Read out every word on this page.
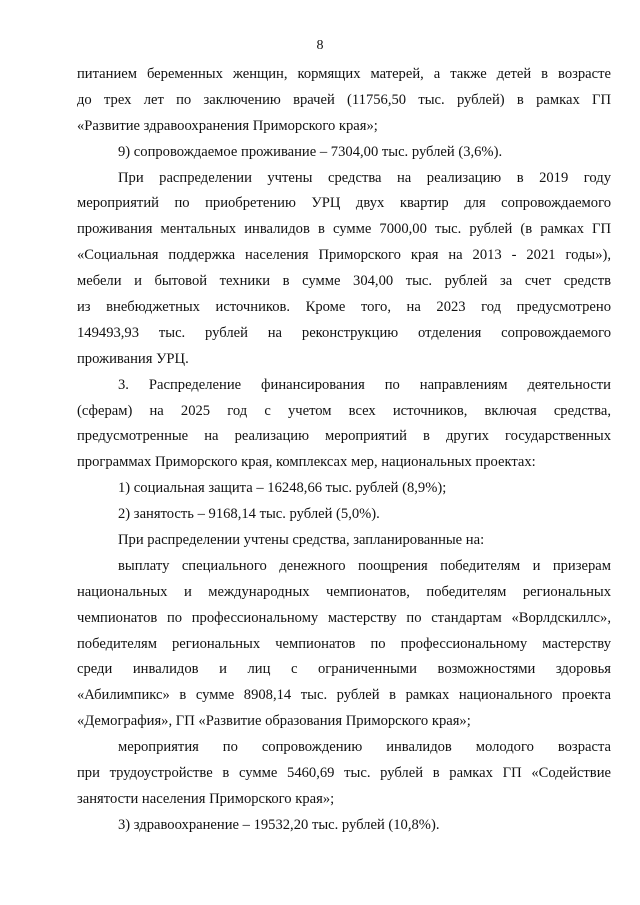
8
питанием беременных женщин, кормящих матерей, а также детей в возрасте
до трех лет по заключению врачей (11756,50 тыс. рублей) в рамках ГП
«Развитие здравоохранения Приморского края»;
9) сопровождаемое проживание – 7304,00 тыс. рублей (3,6%).
При распределении учтены средства на реализацию в 2019 году
мероприятий по приобретению УРЦ двух квартир для сопровождаемого
проживания ментальных инвалидов в сумме 7000,00 тыс. рублей (в рамках ГП
«Социальная поддержка населения Приморского края на 2013 - 2021 годы»),
мебели и бытовой техники в сумме 304,00 тыс. рублей за счет средств
из внебюджетных источников. Кроме того, на 2023 год предусмотрено
149493,93 тыс. рублей на реконструкцию отделения сопровождаемого
проживания УРЦ.
3. Распределение финансирования по направлениям деятельности
(сферам) на 2025 год с учетом всех источников, включая средства,
предусмотренные на реализацию мероприятий в других государственных
программах Приморского края, комплексах мер, национальных проектах:
1) социальная защита – 16248,66 тыс. рублей (8,9%);
2) занятость – 9168,14 тыс. рублей (5,0%).
При распределении учтены средства, запланированные на:
выплату специального денежного поощрения победителям и призерам
национальных и международных чемпионатов, победителям региональных
чемпионатов по профессиональному мастерству по стандартам «Ворлдскиллс»,
победителям региональных чемпионатов по профессиональному мастерству
среди инвалидов и лиц с ограниченными возможностями здоровья
«Абилимпикс» в сумме 8908,14 тыс. рублей в рамках национального проекта
«Демография», ГП «Развитие образования Приморского края»;
мероприятия по сопровождению инвалидов молодого возраста
при трудоустройстве в сумме 5460,69 тыс. рублей в рамках ГП «Содействие
занятости населения Приморского края»;
3) здравоохранение – 19532,20 тыс. рублей (10,8%).
